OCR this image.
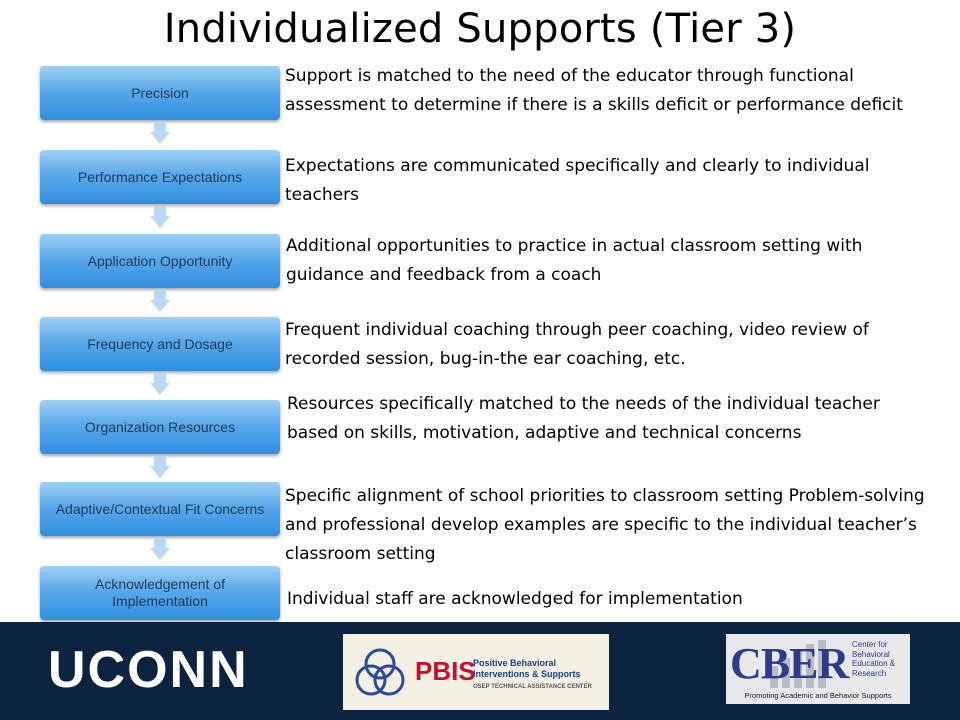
Individualized Supports (Tier 3)
Precision
Performance Expectations
Application Opportunity
Frequency and Dosage
Organization Resources
Adaptive/Contextual Fit Concerns
Acknowledgement of Implementation
Support is matched to the need of the educator through functional assessment to determine if there is a skills deficit or performance deficit
Expectations are communicated specifically and clearly to individual teachers
Additional opportunities to practice in actual classroom setting with guidance and feedback from a coach
Frequent individual coaching through peer coaching, video review of recorded session, bug-in-the ear coaching, etc.
Resources specifically matched to the needs of the individual teacher based on skills, motivation, adaptive and technical concerns
Specific alignment of school priorities to classroom setting Problem-solving and professional develop examples are specific to the individual teacher’s classroom setting
Individual staff are acknowledged for implementation
UCONN	PBIS
Positive Behavioral
Interventions & Supports
OSEP TECHNICAL ASSISTANCE CENTER	CBER Center for Behavioral Education & Research
Promoting Academic and Behavior Supports
